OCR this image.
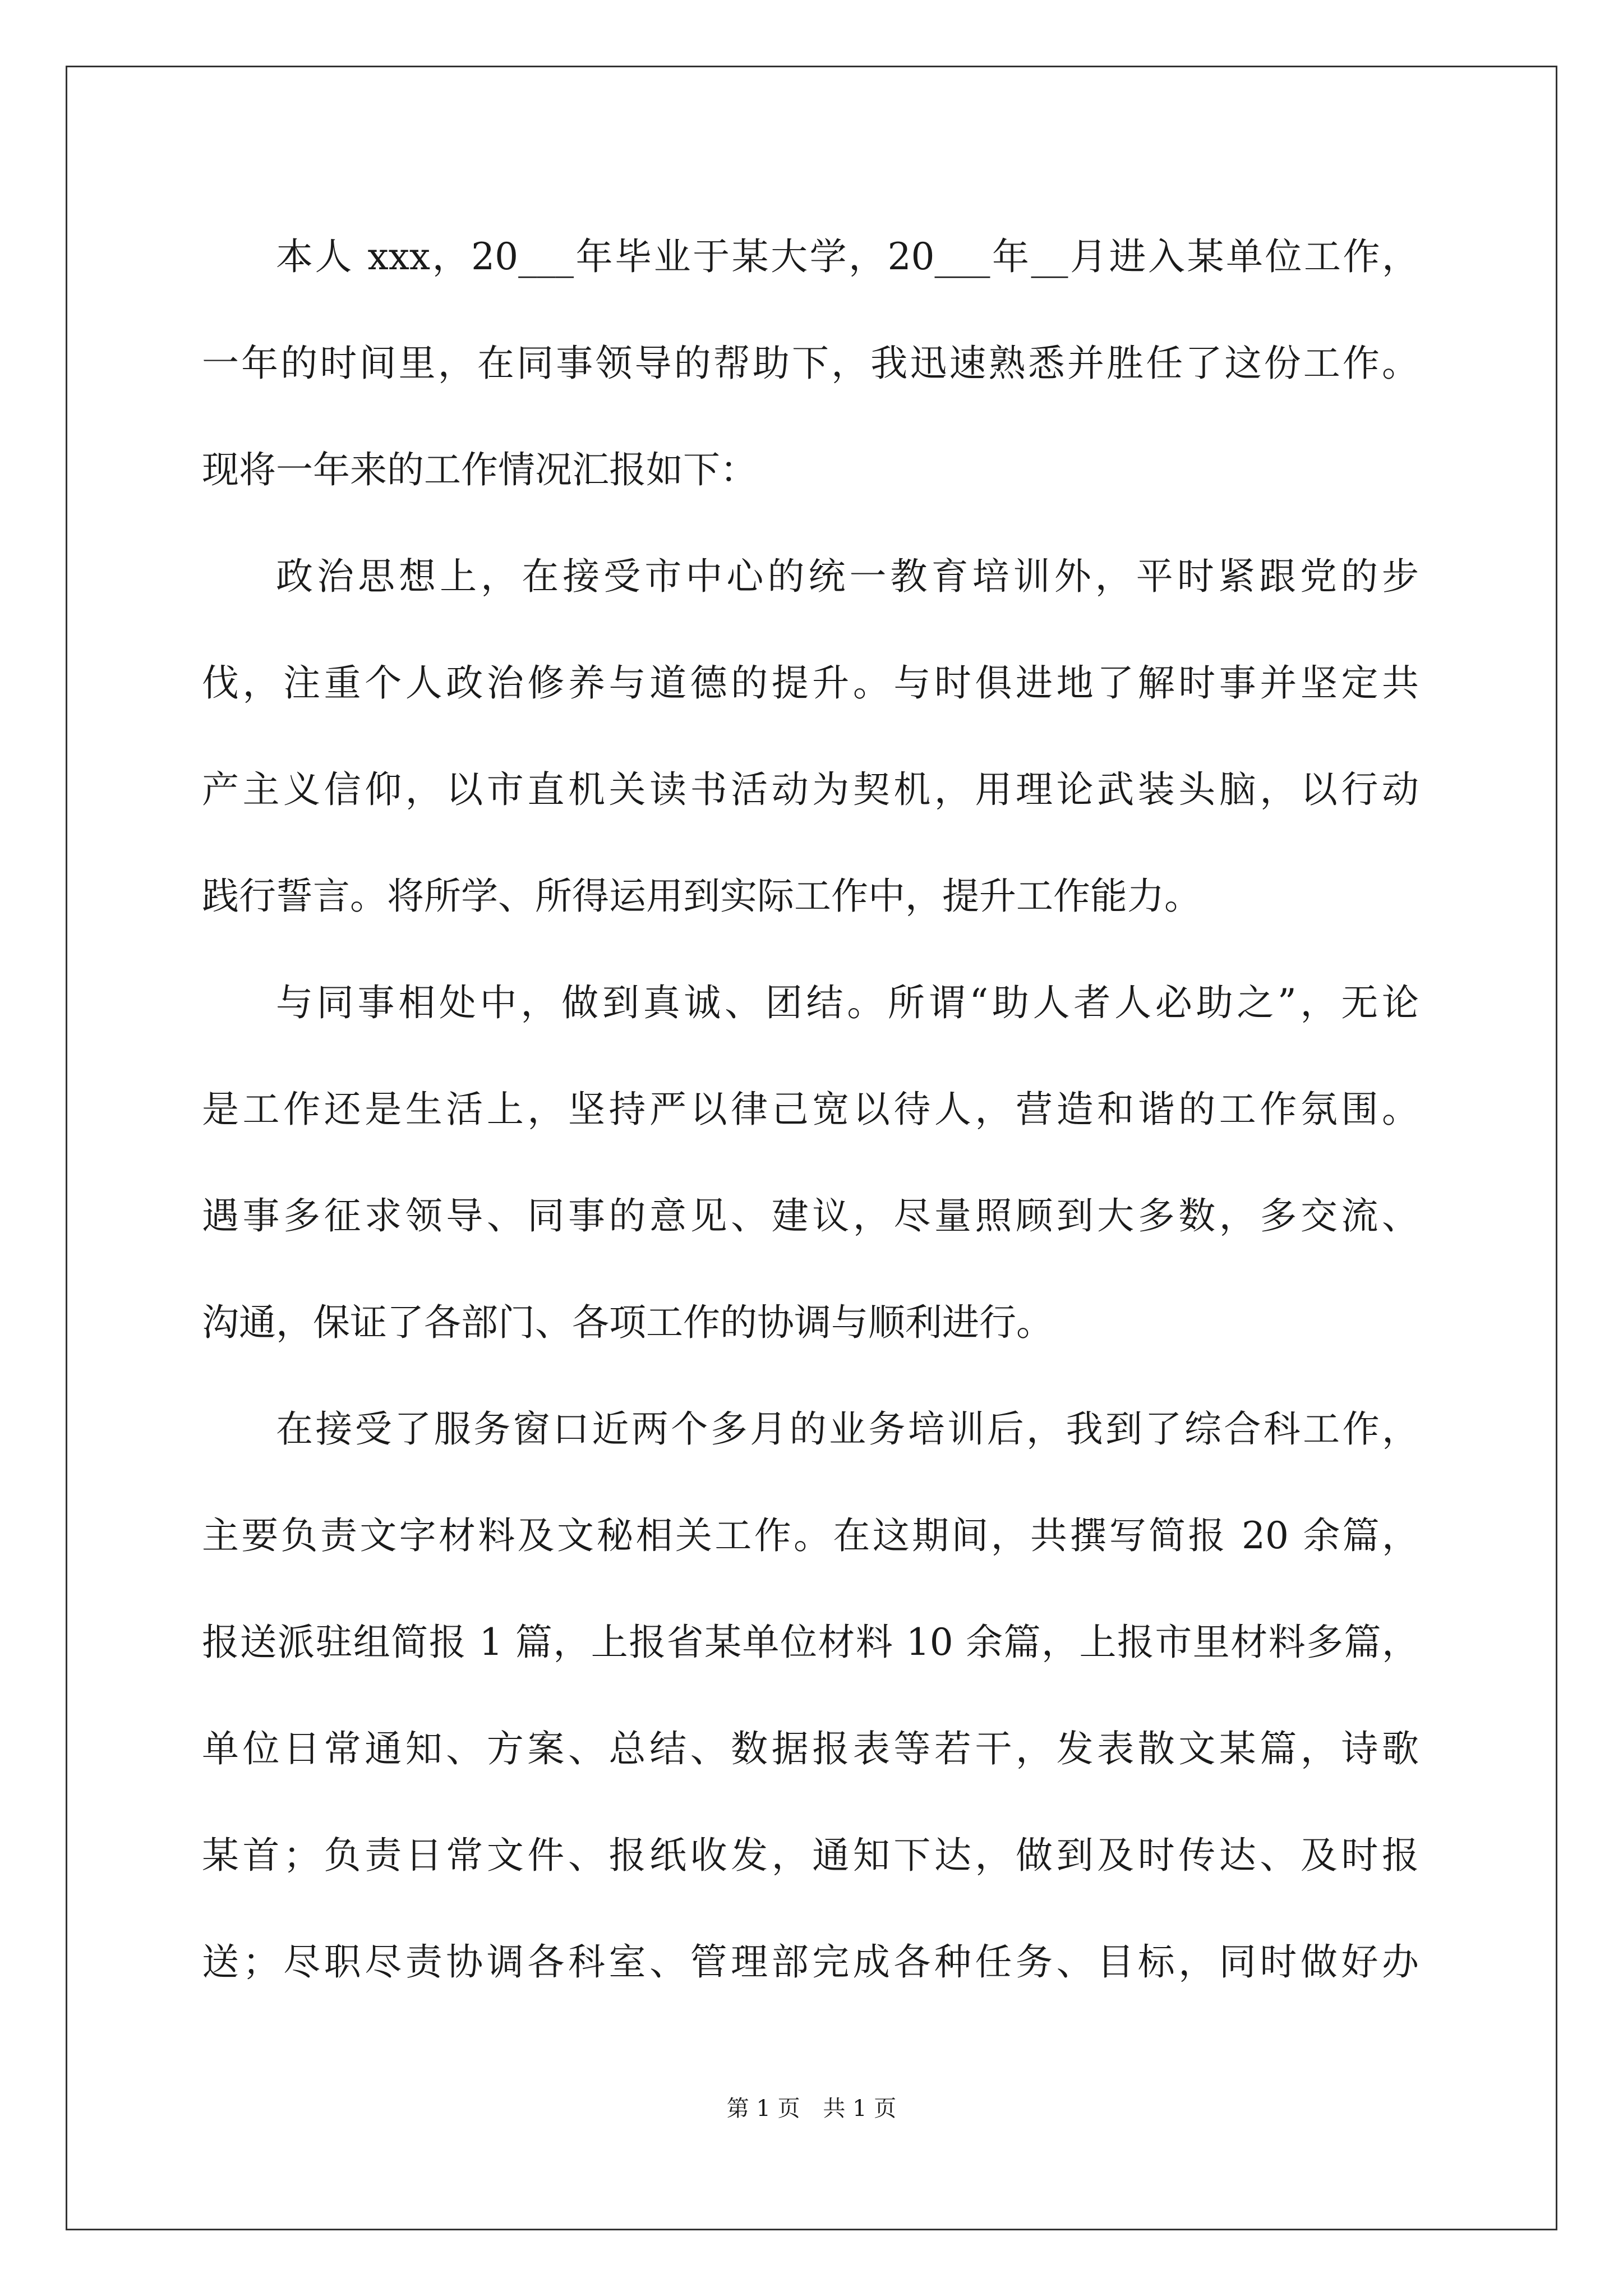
本人 xxx，20___年毕业于某大学，20___年__月进入某单位工作，
一年的时间里，在同事领导的帮助下，我迅速熟悉并胜任了这份工作。
现将一年来的工作情况汇报如下：
政治思想上，在接受市中心的统一教育培训外，平时紧跟党的步
伐，注重个人政治修养与道德的提升。与时俱进地了解时事并坚定共
产主义信仰，以市直机关读书活动为契机，用理论武装头脑，以行动
践行誓言。将所学、所得运用到实际工作中，提升工作能力。
与同事相处中，做到真诚、团结。所谓“助人者人必助之”，无论
是工作还是生活上，坚持严以律己宽以待人，营造和谐的工作氛围。
遇事多征求领导、同事的意见、建议，尽量照顾到大多数，多交流、
沟通，保证了各部门、各项工作的协调与顺利进行。
在接受了服务窗口近两个多月的业务培训后，我到了综合科工作，
主要负责文字材料及文秘相关工作。在这期间，共撰写简报 20 余篇，
报送派驻组简报 1 篇，上报省某单位材料 10 余篇，上报市里材料多篇，
单位日常通知、方案、总结、数据报表等若干，发表散文某篇，诗歌
某首；负责日常文件、报纸收发，通知下达，做到及时传达、及时报
送；尽职尽责协调各科室、管理部完成各种任务、目标，同时做好办
第 1 页 共 1 页
